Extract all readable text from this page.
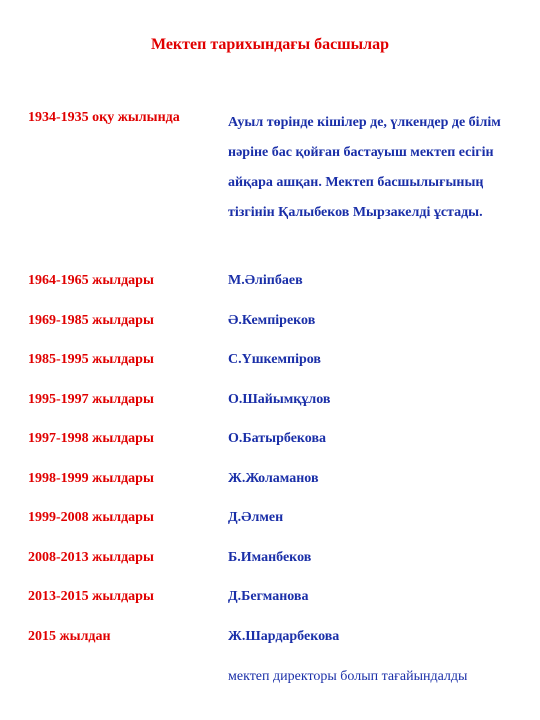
Мектеп тарихындағы басшылар
1934-1935 оқу жылында	Ауыл төрінде кішілер де, үлкендер де білім
нәріне бас қойған бастауыш мектеп есігін
айқара ашқан. Мектеп басшылығының
тізгінін Қалыбеков Мырзакелді ұстады.
1964-1965 жылдары	М.Әліпбаев
1969-1985 жылдары	Ә.Кемпіреков
1985-1995 жылдары	С.Үшкемпіров
1995-1997 жылдары	О.Шайымқұлов
1997-1998 жылдары	О.Батырбекова
1998-1999 жылдары	Ж.Жоламанов
1999-2008 жылдары	Д.Әлмен
2008-2013 жылдары	Б.Иманбеков
2013-2015 жылдары	Д.Бегманова
2015 жылдан	Ж.Шардарбекова
мектеп директоры болып тағайындалды
